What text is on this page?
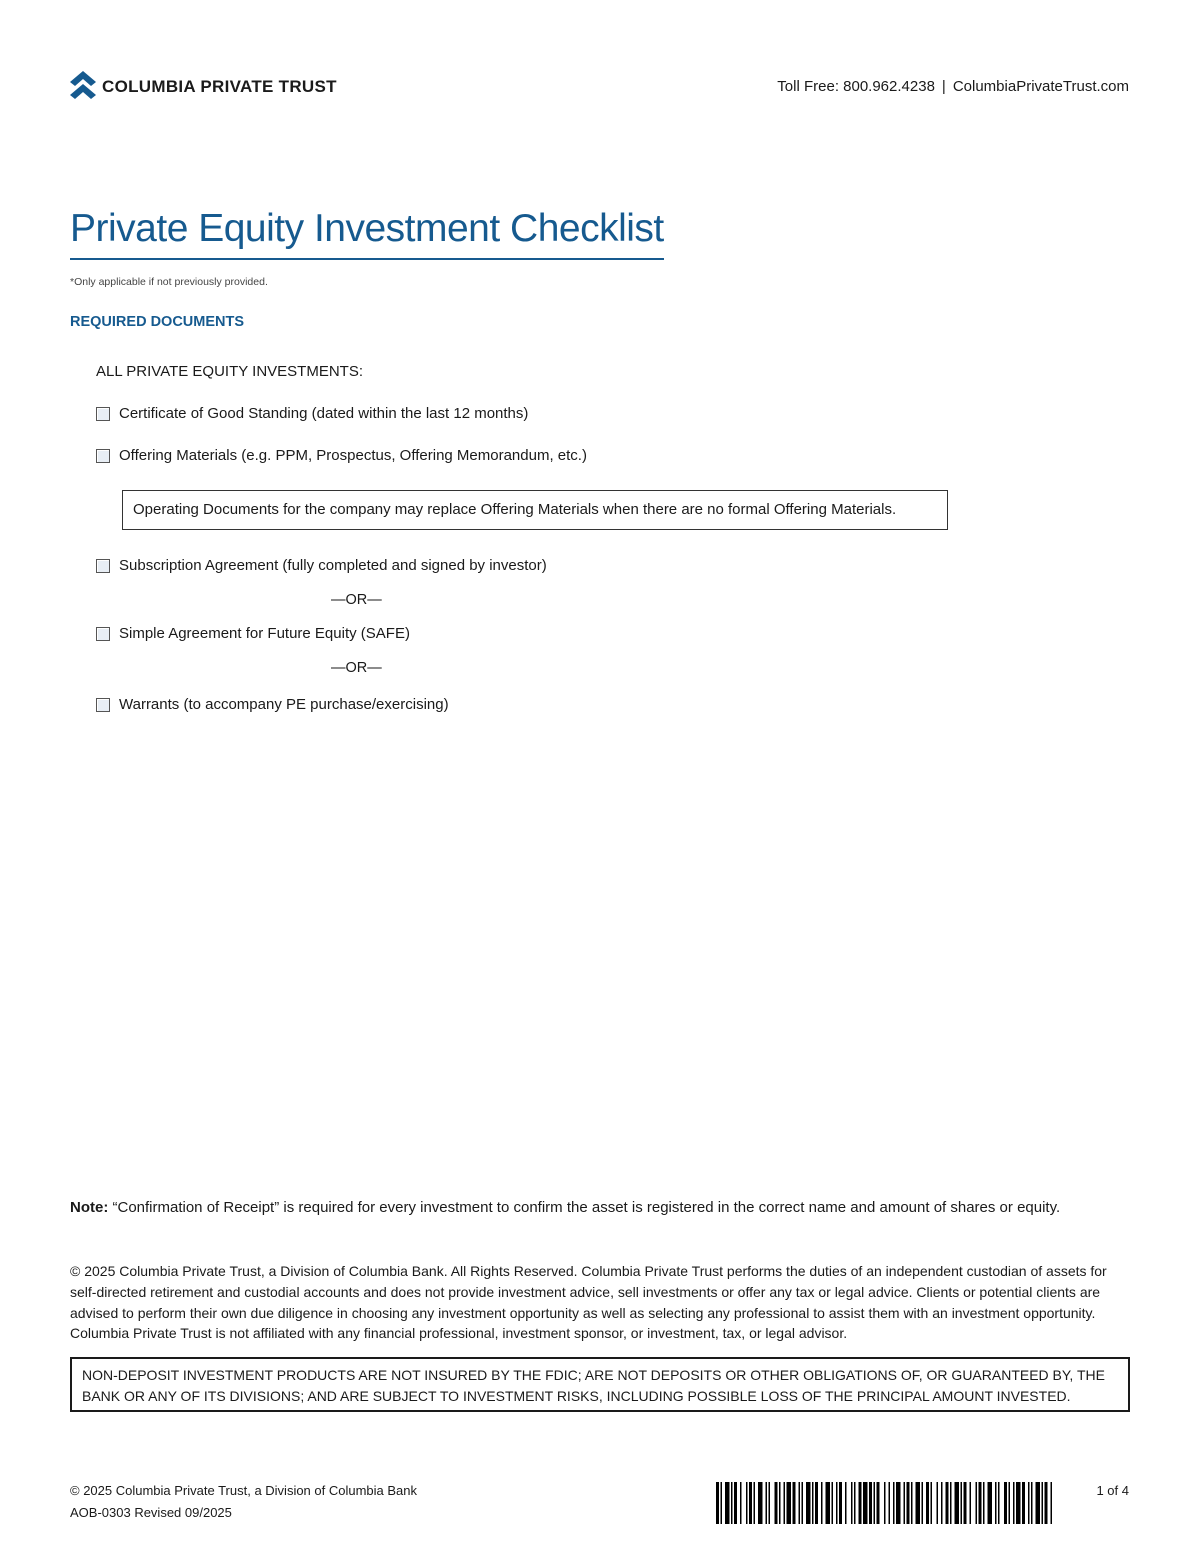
COLUMBIA PRIVATE TRUST	Toll Free: 800.962.4238 | ColumbiaPrivateTrust.com
Private Equity Investment Checklist
*Only applicable if not previously provided.
REQUIRED DOCUMENTS
ALL PRIVATE EQUITY INVESTMENTS:
Certificate of Good Standing (dated within the last 12 months)
Offering Materials (e.g. PPM, Prospectus, Offering Memorandum, etc.)
Operating Documents for the company may replace Offering Materials when there are no formal Offering Materials.
Subscription Agreement (fully completed and signed by investor)
—OR—
Simple Agreement for Future Equity (SAFE)
—OR—
Warrants (to accompany PE purchase/exercising)
Note: “Confirmation of Receipt” is required for every investment to confirm the asset is registered in the correct name and amount of shares or equity.
© 2025 Columbia Private Trust, a Division of Columbia Bank. All Rights Reserved. Columbia Private Trust performs the duties of an independent custodian of assets for self-directed retirement and custodial accounts and does not provide investment advice, sell investments or offer any tax or legal advice. Clients or potential clients are advised to perform their own due diligence in choosing any investment opportunity as well as selecting any professional to assist them with an investment opportunity. Columbia Private Trust is not affiliated with any financial professional, investment sponsor, or investment, tax, or legal advisor.
NON-DEPOSIT INVESTMENT PRODUCTS ARE NOT INSURED BY THE FDIC; ARE NOT DEPOSITS OR OTHER OBLIGATIONS OF, OR GUARANTEED BY, THE BANK OR ANY OF ITS DIVISIONS; AND ARE SUBJECT TO INVESTMENT RISKS, INCLUDING POSSIBLE LOSS OF THE PRINCIPAL AMOUNT INVESTED.
© 2025 Columbia Private Trust, a Division of Columbia Bank
AOB-0303 Revised 09/2025
1 of 4
